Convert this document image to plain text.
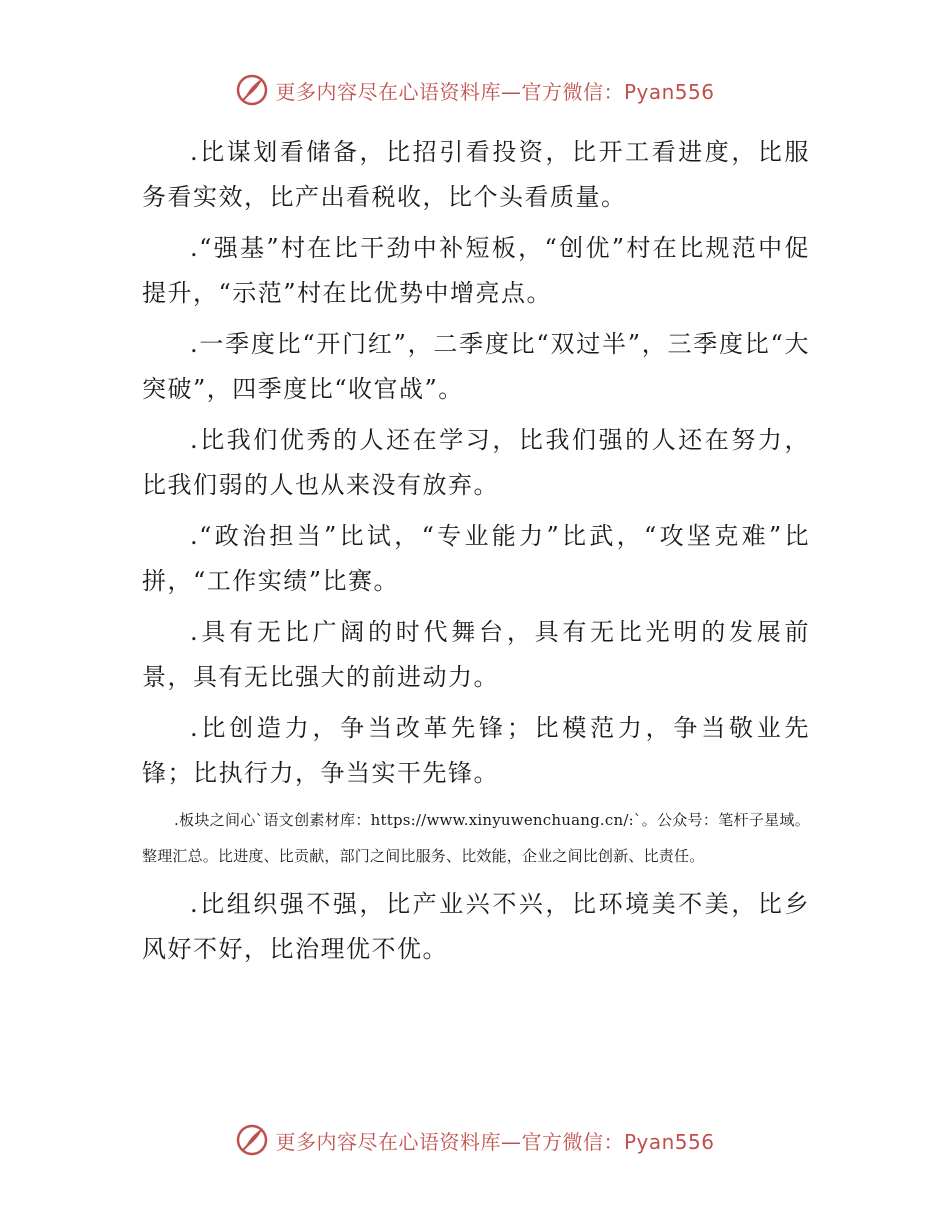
更多内容尽在心语资料库—官方微信：Pyan556

.比谋划看储备，比招引看投资，比开工看进度，比服务看实效，比产出看税收，比个头看质量。

.“强基”村在比干劲中补短板，“创优”村在比规范中促提升，“示范”村在比优势中增亮点。

.一季度比“开门红”，二季度比“双过半”，三季度比“大突破”，四季度比“收官战”。

.比我们优秀的人还在学习，比我们强的人还在努力，比我们弱的人也从来没有放弃。

.“政治担当”比试，“专业能力”比武，“攻坚克难”比拼，“工作实绩”比赛。

.具有无比广阔的时代舞台，具有无比光明的发展前景，具有无比强大的前进动力。

.比创造力，争当改革先锋；比模范力，争当敬业先锋；比执行力，争当实干先锋。

.板块之间心`语文创素材库：https://www.xinyuwenchuang.cn/:`。公众号：笔杆子星域。整理汇总。比进度、比贡献，部门之间比服务、比效能，企业之间比创新、比责任。

.比组织强不强，比产业兴不兴，比环境美不美，比乡风好不好，比治理优不优。

更多内容尽在心语资料库—官方微信：Pyan556
